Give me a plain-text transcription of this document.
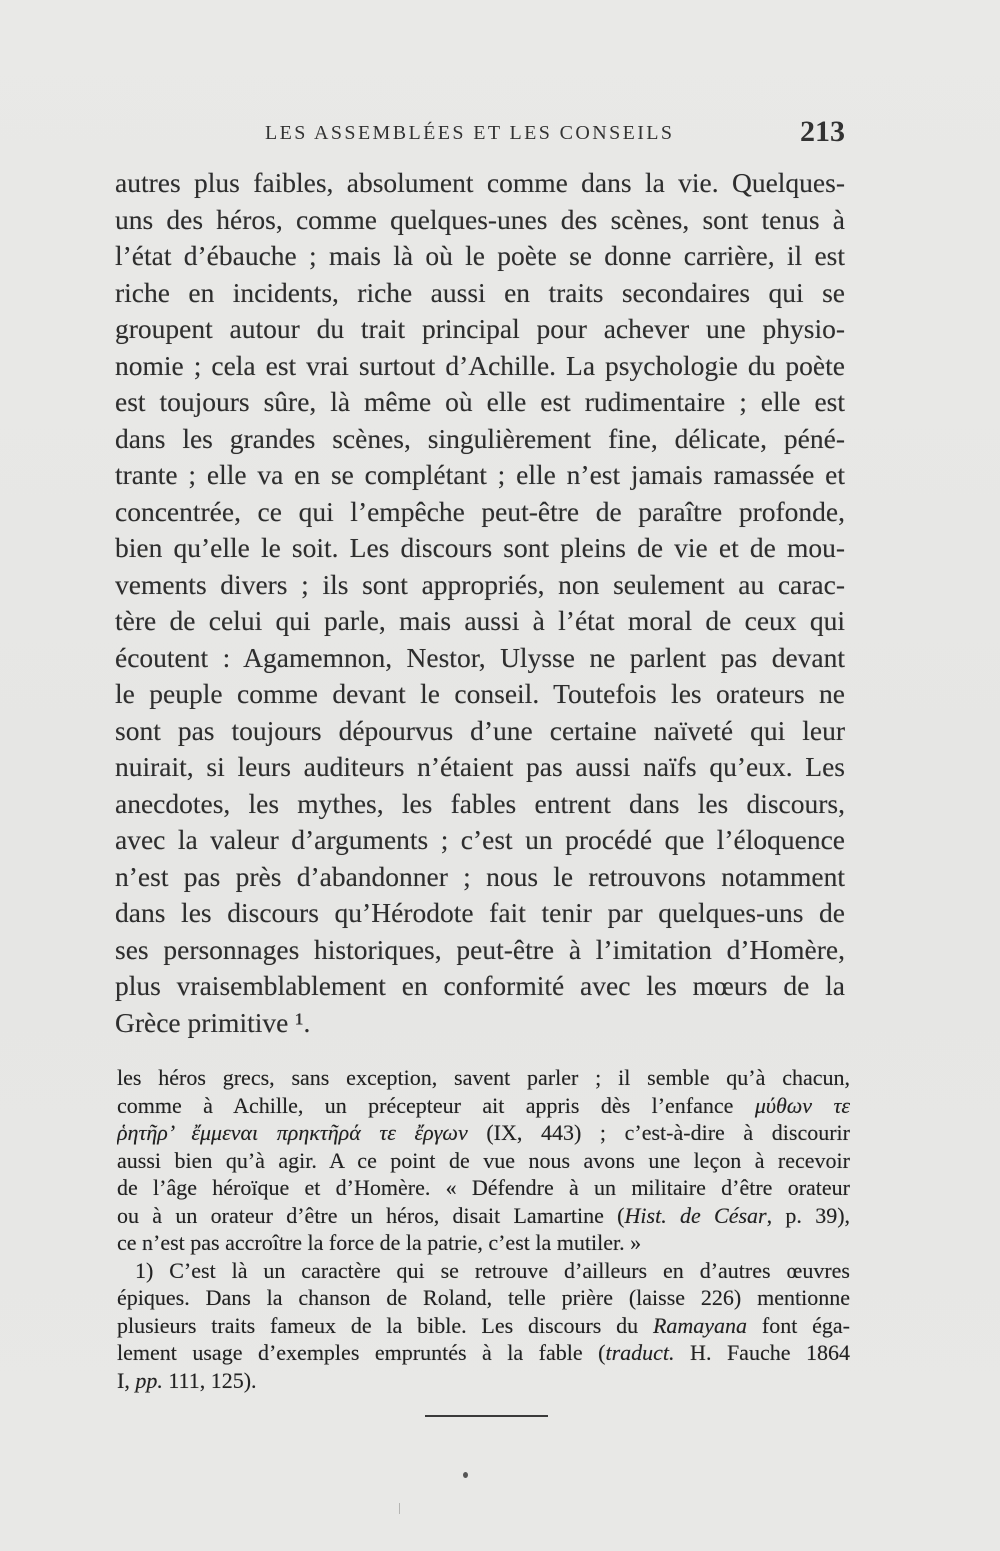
LES ASSEMBLÉES ET LES CONSEILS	213
autres plus faibles, absolument comme dans la vie. Quelques-
uns des héros, comme quelques-unes des scènes, sont tenus à
l’état d’ébauche ; mais là où le poète se donne carrière, il est
riche en incidents, riche aussi en traits secondaires qui se
groupent autour du trait principal pour achever une physio-
nomie ; cela est vrai surtout d’Achille. La psychologie du poète
est toujours sûre, là même où elle est rudimentaire ; elle est
dans les grandes scènes, singulièrement fine, délicate, péné-
trante ; elle va en se complétant ; elle n’est jamais ramassée et
concentrée, ce qui l’empêche peut-être de paraître profonde,
bien qu’elle le soit. Les discours sont pleins de vie et de mou-
vements divers ; ils sont appropriés, non seulement au carac-
tère de celui qui parle, mais aussi à l’état moral de ceux qui
écoutent : Agamemnon, Nestor, Ulysse ne parlent pas devant
le peuple comme devant le conseil. Toutefois les orateurs ne
sont pas toujours dépourvus d’une certaine naïveté qui leur
nuirait, si leurs auditeurs n’étaient pas aussi naïfs qu’eux. Les
anecdotes, les mythes, les fables entrent dans les discours,
avec la valeur d’arguments ; c’est un procédé que l’éloquence
n’est pas près d’abandonner ; nous le retrouvons notamment
dans les discours qu’Hérodote fait tenir par quelques-uns de
ses personnages historiques, peut-être à l’imitation d’Homère,
plus vraisemblablement en conformité avec les mœurs de la
Grèce primitive ¹.
les héros grecs, sans exception, savent parler ; il semble qu’à chacun,
comme à Achille, un précepteur ait appris dès l’enfance μύθων τε
ῥητῆρ’ ἔμμεναι πρηκτῆρά τε ἔργων (IX, 443) ; c’est-à-dire à discourir
aussi bien qu’à agir. A ce point de vue nous avons une leçon à recevoir
de l’âge héroïque et d’Homère. « Défendre à un militaire d’être orateur
ou à un orateur d’être un héros, disait Lamartine (Hist. de César, p. 39),
ce n’est pas accroître la force de la patrie, c’est la mutiler. »
1) C’est là un caractère qui se retrouve d’ailleurs en d’autres œuvres
épiques. Dans la chanson de Roland, telle prière (laisse 226) mentionne
plusieurs traits fameux de la bible. Les discours du Ramayana font éga-
lement usage d’exemples empruntés à la fable (traduct. H. Fauche 1864
I, pp. 111, 125).
